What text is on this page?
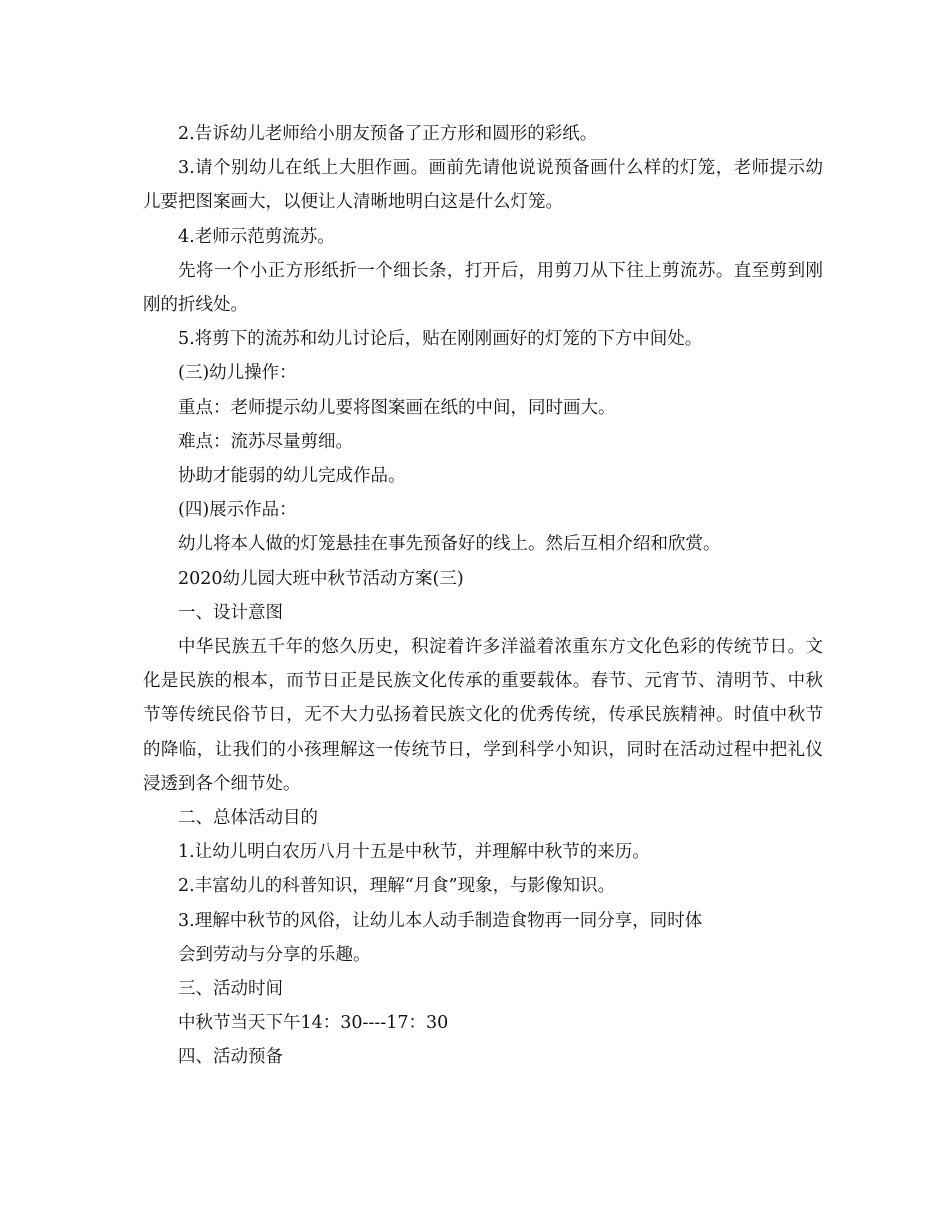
2.告诉幼儿老师给小朋友预备了正方形和圆形的彩纸。

3.请个别幼儿在纸上大胆作画。画前先请他说说预备画什么样的灯笼，老师提示幼儿要把图案画大，以便让人清晰地明白这是什么灯笼。

4.老师示范剪流苏。

先将一个小正方形纸折一个细长条，打开后，用剪刀从下往上剪流苏。直至剪到刚刚的折线处。

5.将剪下的流苏和幼儿讨论后，贴在刚刚画好的灯笼的下方中间处。

(三)幼儿操作：

重点：老师提示幼儿要将图案画在纸的中间，同时画大。

难点：流苏尽量剪细。

协助才能弱的幼儿完成作品。

(四)展示作品：

幼儿将本人做的灯笼悬挂在事先预备好的线上。然后互相介绍和欣赏。

2020幼儿园大班中秋节活动方案(三)

一、设计意图

中华民族五千年的悠久历史，积淀着许多洋溢着浓重东方文化色彩的传统节日。文化是民族的根本，而节日正是民族文化传承的重要载体。春节、元宵节、清明节、中秋节等传统民俗节日，无不大力弘扬着民族文化的优秀传统，传承民族精神。时值中秋节的降临，让我们的小孩理解这一传统节日，学到科学小知识，同时在活动过程中把礼仪浸透到各个细节处。

二、总体活动目的

1.让幼儿明白农历八月十五是中秋节，并理解中秋节的来历。

2.丰富幼儿的科普知识，理解“月食”现象，与影像知识。

3.理解中秋节的风俗，让幼儿本人动手制造食物再一同分享，同时体

会到劳动与分享的乐趣。

三、活动时间

中秋节当天下午14：30----17：30

四、活动预备
